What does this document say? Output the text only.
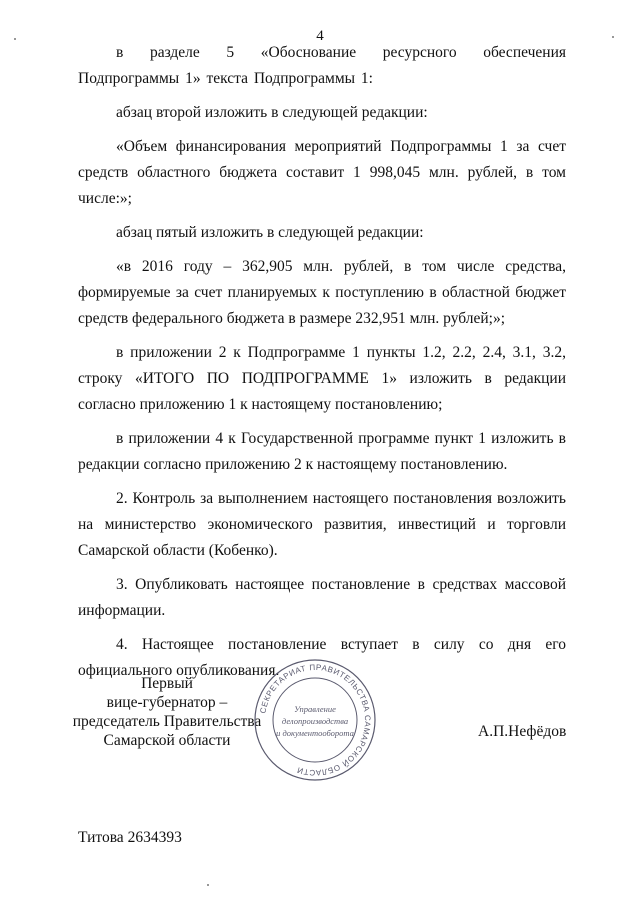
4

в разделе 5 «Обоснование ресурсного обеспечения Подпрограммы 1» текста Подпрограммы 1:

абзац второй изложить в следующей редакции:

«Объем финансирования мероприятий Подпрограммы 1 за счет средств областного бюджета составит 1 998,045 млн. рублей, в том числе:»;

абзац пятый изложить в следующей редакции:

«в 2016 году – 362,905 млн. рублей, в том числе средства, формируемые за счет планируемых к поступлению в областной бюджет средств федерального бюджета в размере 232,951 млн. рублей;»;

в приложении 2 к Подпрограмме 1 пункты 1.2, 2.2, 2.4, 3.1, 3.2, строку «ИТОГО ПО ПОДПРОГРАММЕ 1» изложить в редакции согласно приложению 1 к настоящему постановлению;

в приложении 4 к Государственной программе пункт 1 изложить в редакции согласно приложению 2 к настоящему постановлению.

2. Контроль за выполнением настоящего постановления возложить на министерство экономического развития, инвестиций и торговли Самарской области (Кобенко).

3. Опубликовать настоящее постановление в средствах массовой информации.

4. Настоящее постановление вступает в силу со дня его официального опубликования.

Первый
вице-губернатор –
председатель Правительства
Самарской области
СЕКРЕТАРИАТ ПРАВИТЕЛЬСТВА САМАРСКОЙ ОБЛАСТИ
Управление
делопроизводства
и документооборота	А.П.Нефёдов
Титова 2634393
